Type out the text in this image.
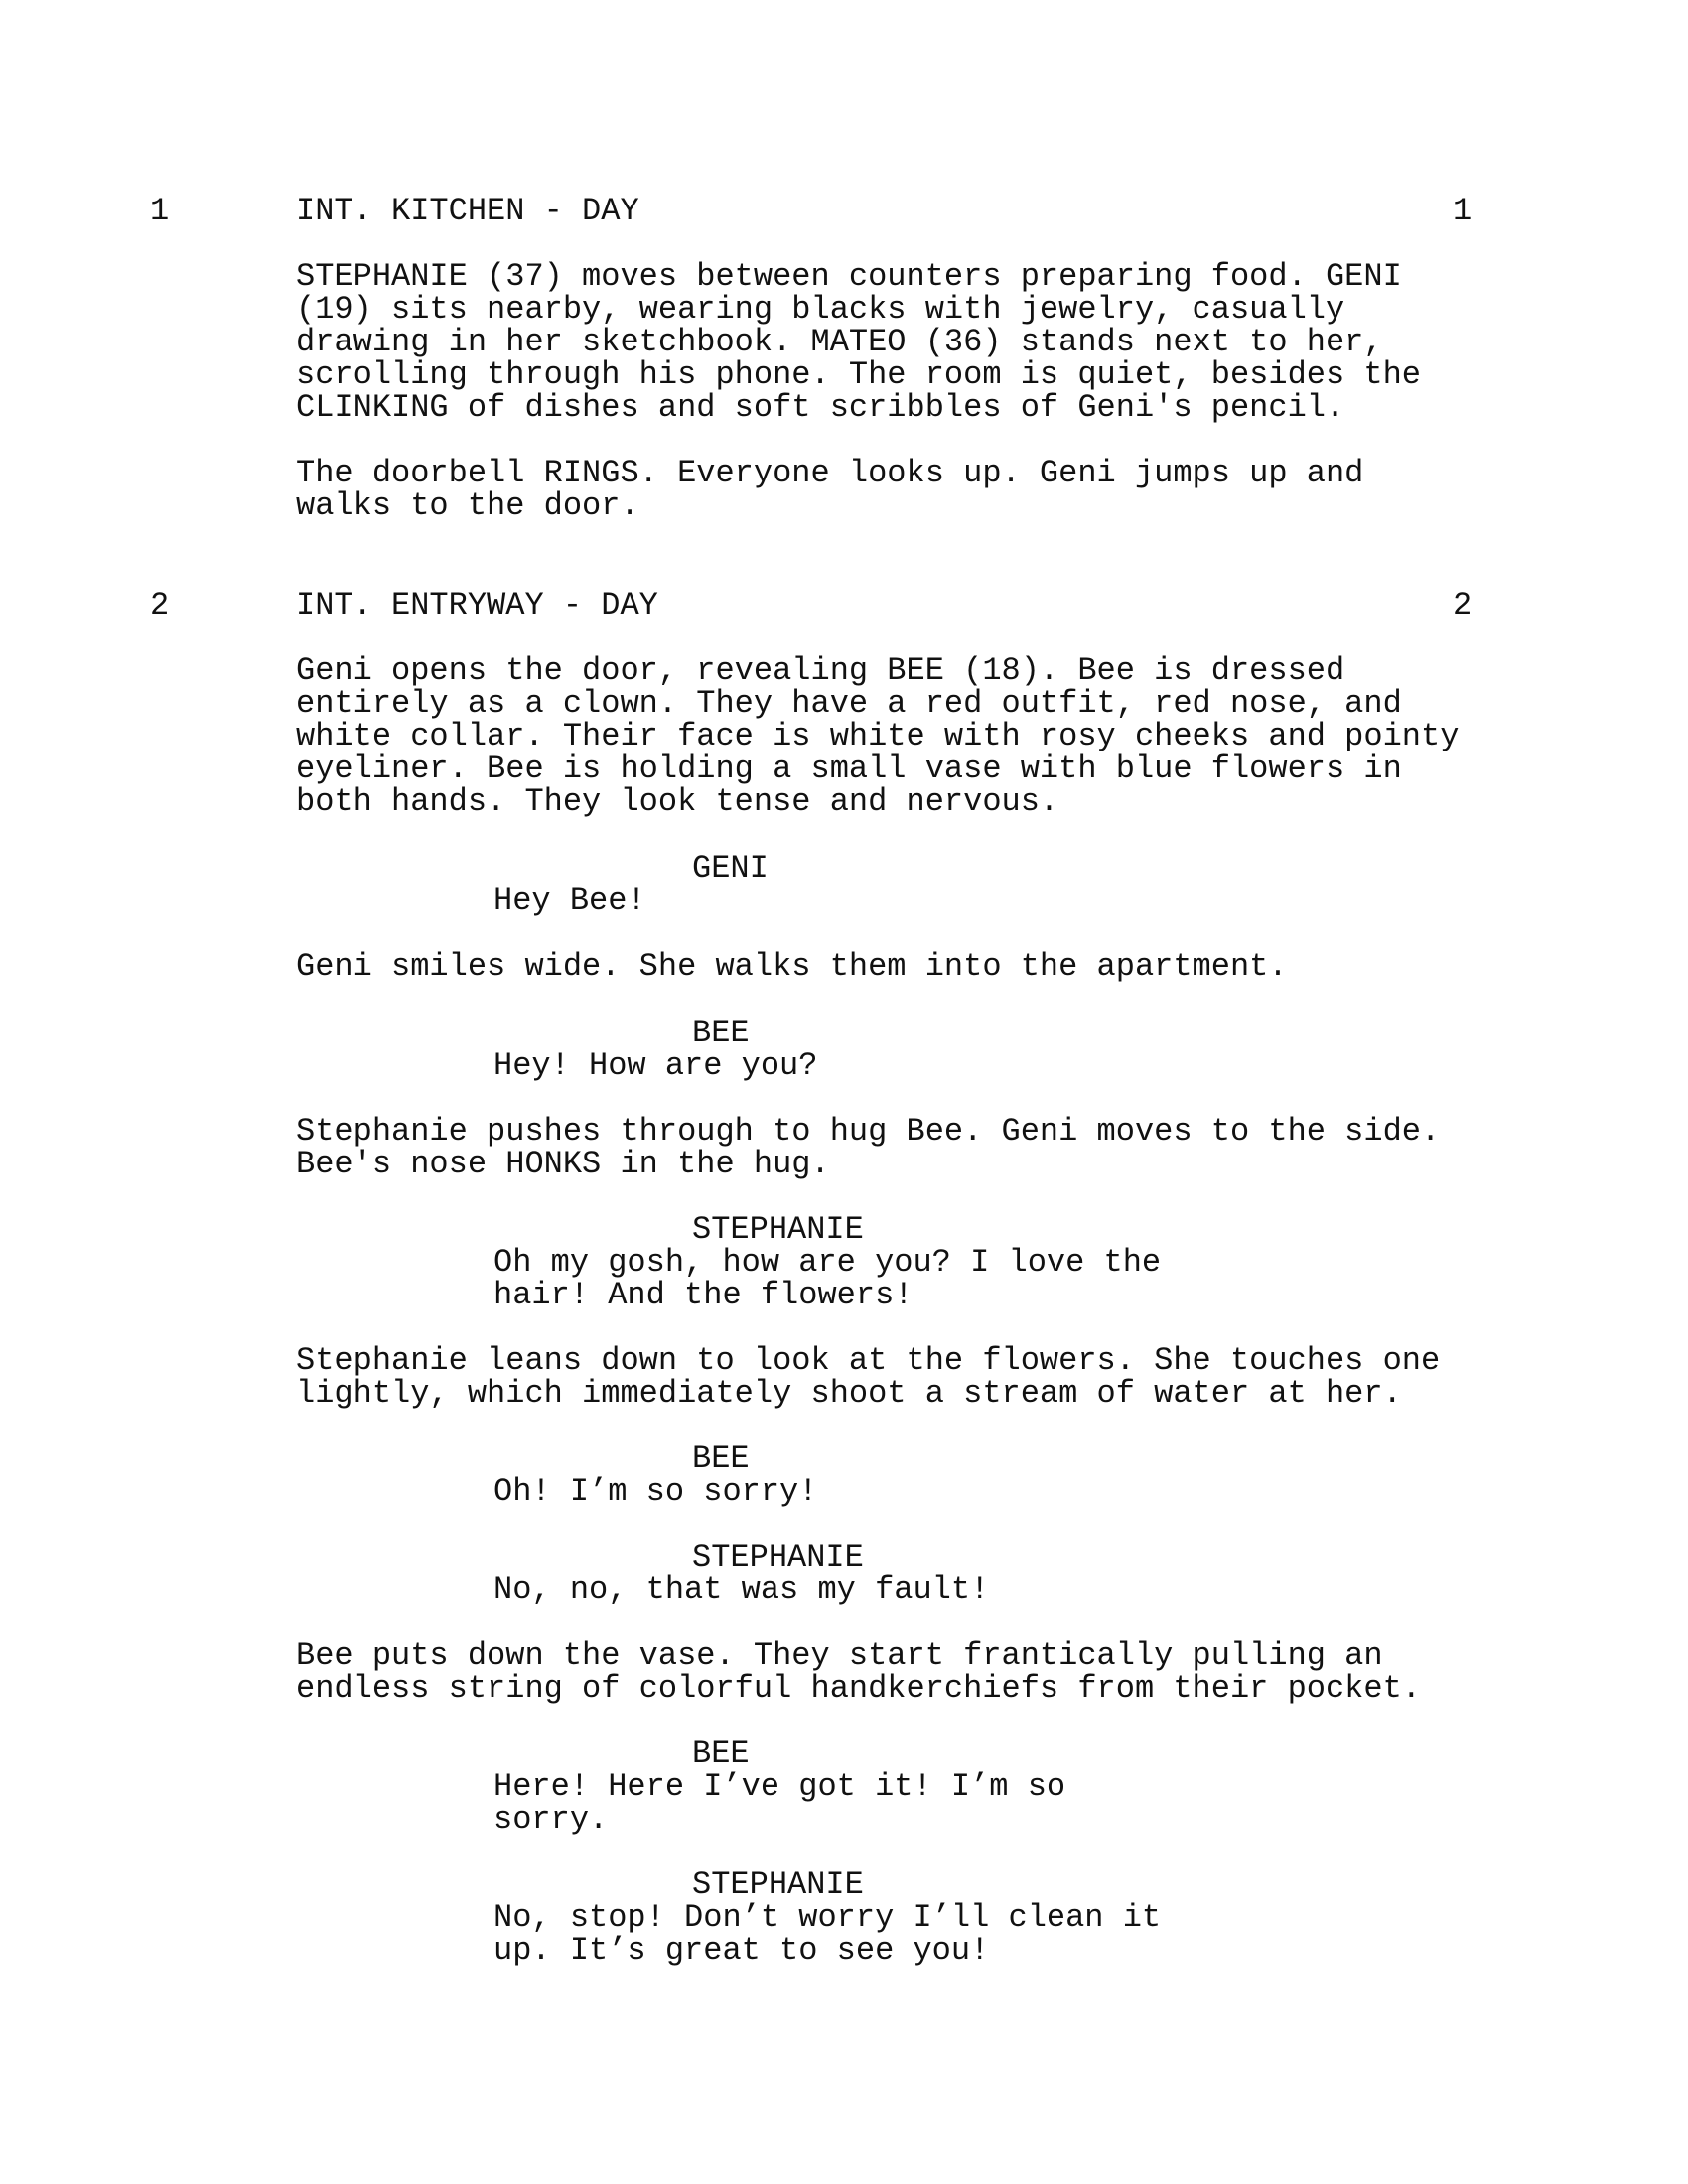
1	INT. KITCHEN - DAY	1
STEPHANIE (37) moves between counters preparing food. GENI
(19) sits nearby, wearing blacks with jewelry, casually
drawing in her sketchbook. MATEO (36) stands next to her,
scrolling through his phone. The room is quiet, besides the
CLINKING of dishes and soft scribbles of Geni's pencil.
The doorbell RINGS. Everyone looks up. Geni jumps up and
walks to the door.
2	INT. ENTRYWAY - DAY	2
Geni opens the door, revealing BEE (18). Bee is dressed
entirely as a clown. They have a red outfit, red nose, and
white collar. Their face is white with rosy cheeks and pointy
eyeliner. Bee is holding a small vase with blue flowers in
both hands. They look tense and nervous.
GENI
Hey Bee!
Geni smiles wide. She walks them into the apartment.
BEE
Hey! How are you?
Stephanie pushes through to hug Bee. Geni moves to the side.
Bee's nose HONKS in the hug.
STEPHANIE
Oh my gosh, how are you? I love the
hair! And the flowers!
Stephanie leans down to look at the flowers. She touches one
lightly, which immediately shoot a stream of water at her.
BEE
Oh! I’m so sorry!
STEPHANIE
No, no, that was my fault!
Bee puts down the vase. They start frantically pulling an
endless string of colorful handkerchiefs from their pocket.
BEE
Here! Here I’ve got it! I’m so
sorry.
STEPHANIE
No, stop! Don’t worry I’ll clean it
up. It’s great to see you!
